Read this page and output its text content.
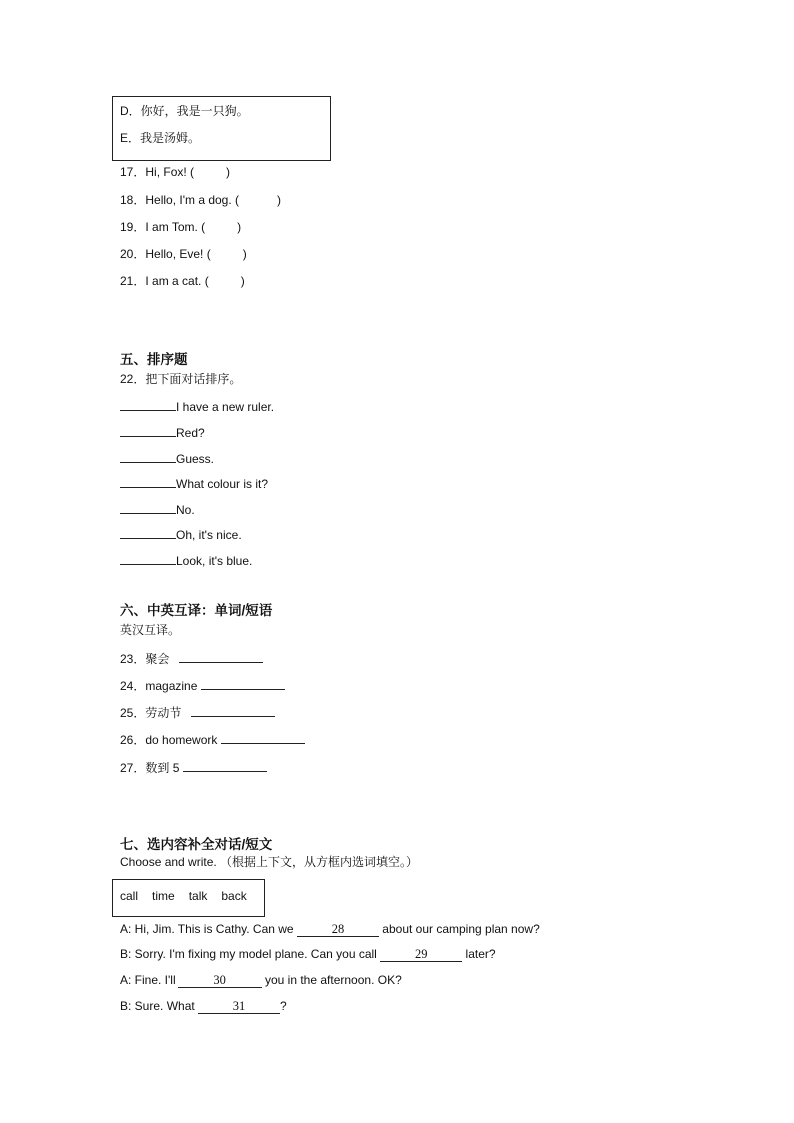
D．你好，我是一只狗。
E．我是汤姆。
17．Hi, Fox! (	)
18．Hello, I'm a dog. (	)
19．I am Tom. (	)
20．Hello, Eve! (	)
21．I am a cat. (	)
五、排序题
22．把下面对话排序。
I have a new ruler.
Red?
Guess.
What colour is it?
No.
Oh, it's nice.
Look, it's blue.
六、中英互译：单词/短语
英汉互译。
23．聚会
24．magazine
25．劳动节
26．do homework
27．数到 5
七、选内容补全对话/短文
Choose and write. （根据上下文，从方框内选词填空。）
call time talk back
A: Hi, Jim. This is Cathy. Can we	28	about our camping plan now?
B: Sorry. I'm fixing my model plane. Can you call	29	later?
A: Fine. I'll	30	you in the afternoon. OK?
B: Sure. What	31	?
